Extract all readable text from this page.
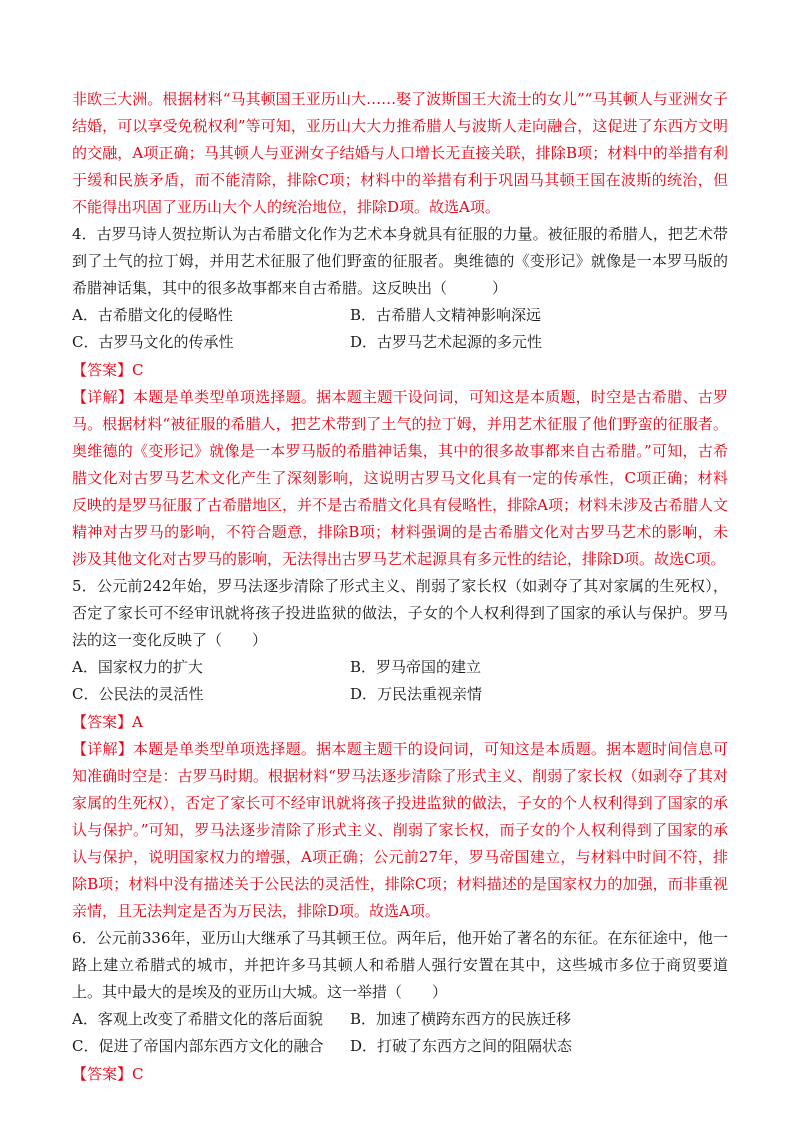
非欧三大洲。根据材料“马其顿国王亚历山大……娶了波斯国王大流士的女儿”“马其顿人与亚洲女子结婚，可以享受免税权利”等可知，亚历山大大力推希腊人与波斯人走向融合，这促进了东西方文明的交融，A项正确；马其顿人与亚洲女子结婚与人口增长无直接关联，排除B项；材料中的举措有利于缓和民族矛盾，而不能清除，排除C项；材料中的举措有利于巩固马其顿王国在波斯的统治，但不能得出巩固了亚历山大个人的统治地位，排除D项。故选A项。

4．古罗马诗人贺拉斯认为古希腊文化作为艺术本身就具有征服的力量。被征服的希腊人，把艺术带到了土气的拉丁姆，并用艺术征服了他们野蛮的征服者。奥维德的《变形记》就像是一本罗马版的希腊神话集，其中的很多故事都来自古希腊。这反映出（　　　）

A．古希腊文化的侵略性	B．古希腊人文精神影响深远
C．古罗马文化的传承性	D．古罗马艺术起源的多元性

【答案】C

【详解】本题是单类型单项选择题。据本题主题干设问词，可知这是本质题，时空是古希腊、古罗马。根据材料“被征服的希腊人，把艺术带到了土气的拉丁姆，并用艺术征服了他们野蛮的征服者。奥维德的《变形记》就像是一本罗马版的希腊神话集，其中的很多故事都来自古希腊。”可知，古希腊文化对古罗马艺术文化产生了深刻影响，这说明古罗马文化具有一定的传承性，C项正确；材料反映的是罗马征服了古希腊地区，并不是古希腊文化具有侵略性，排除A项；材料未涉及古希腊人文精神对古罗马的影响，不符合题意，排除B项；材料强调的是古希腊文化对古罗马艺术的影响，未涉及其他文化对古罗马的影响，无法得出古罗马艺术起源具有多元性的结论，排除D项。故选C项。

5．公元前242年始，罗马法逐步清除了形式主义、削弱了家长权（如剥夺了其对家属的生死权），否定了家长可不经审讯就将孩子投进监狱的做法，子女的个人权利得到了国家的承认与保护。罗马法的这一变化反映了（　　）

A．国家权力的扩大	B．罗马帝国的建立
C．公民法的灵活性	D．万民法重视亲情

【答案】A

【详解】本题是单类型单项选择题。据本题主题干的设问词，可知这是本质题。据本题时间信息可知准确时空是：古罗马时期。根据材料“罗马法逐步清除了形式主义、削弱了家长权（如剥夺了其对家属的生死权），否定了家长可不经审讯就将孩子投进监狱的做法，子女的个人权利得到了国家的承认与保护。”可知，罗马法逐步清除了形式主义、削弱了家长权，而子女的个人权利得到了国家的承认与保护，说明国家权力的增强，A项正确；公元前27年，罗马帝国建立，与材料中时间不符，排除B项；材料中没有描述关于公民法的灵活性，排除C项；材料描述的是国家权力的加强，而非重视亲情，且无法判定是否为万民法，排除D项。故选A项。

6．公元前336年，亚历山大继承了马其顿王位。两年后，他开始了著名的东征。在东征途中，他一路上建立希腊式的城市，并把许多马其顿人和希腊人强行安置在其中，这些城市多位于商贸要道上。其中最大的是埃及的亚历山大城。这一举措（　　）

A．客观上改变了希腊文化的落后面貌	B．加速了横跨东西方的民族迁移
C．促进了帝国内部东西方文化的融合	D．打破了东西方之间的阻隔状态

【答案】C
